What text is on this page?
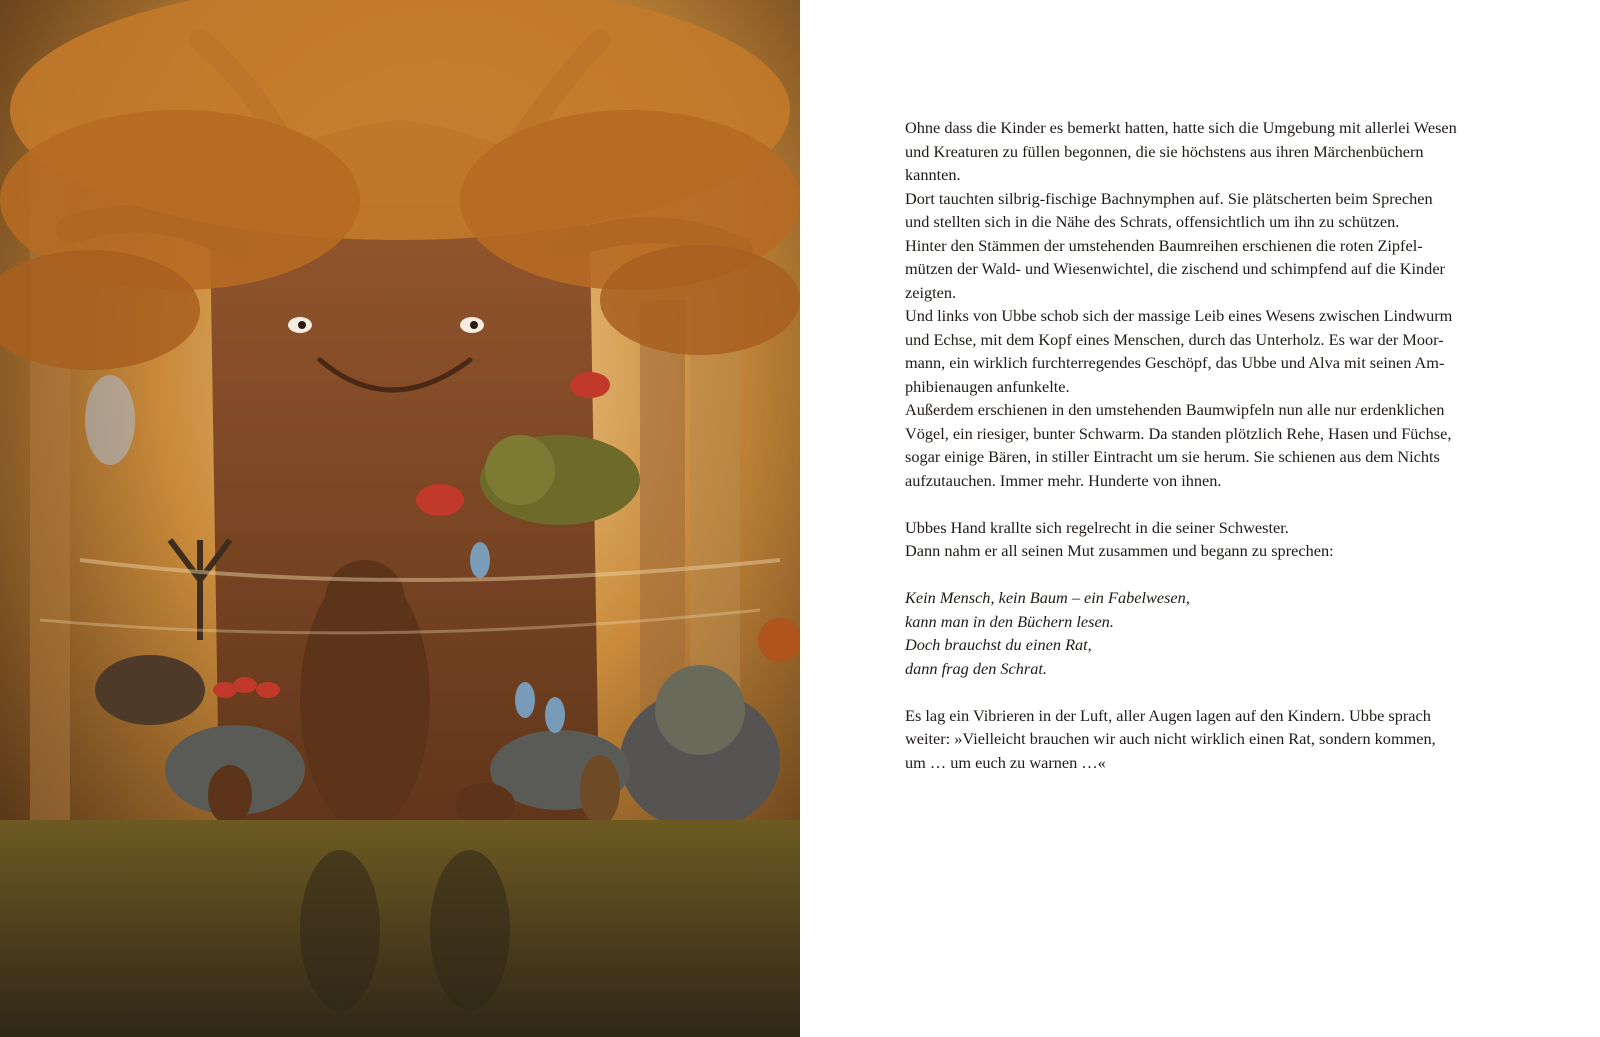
Ohne dass die Kinder es bemerkt hatten, hatte sich die Umgebung mit allerlei Wesen
und Kreaturen zu füllen begonnen, die sie höchstens aus ihren Märchenbüchern
kannten.
Dort tauchten silbrig-fischige Bachnymphen auf. Sie plätscherten beim Sprechen
und stellten sich in die Nähe des Schrats, offensichtlich um ihn zu schützen.
Hinter den Stämmen der umstehenden Baumreihen erschienen die roten Zipfel-
mützen der Wald- und Wiesenwichtel, die zischend und schimpfend auf die Kinder
zeigten.
Und links von Ubbe schob sich der massige Leib eines Wesens zwischen Lindwurm
und Echse, mit dem Kopf eines Menschen, durch das Unterholz. Es war der Moor-
mann, ein wirklich furchterregendes Geschöpf, das Ubbe und Alva mit seinen Am-
phibienaugen anfunkelte.
Außerdem erschienen in den umstehenden Baumwipfeln nun alle nur erdenklichen
Vögel, ein riesiger, bunter Schwarm. Da standen plötzlich Rehe, Hasen und Füchse,
sogar einige Bären, in stiller Eintracht um sie herum. Sie schienen aus dem Nichts
aufzutauchen. Immer mehr. Hunderte von ihnen.
Ubbes Hand krallte sich regelrecht in die seiner Schwester.
Dann nahm er all seinen Mut zusammen und begann zu sprechen:
Kein Mensch, kein Baum – ein Fabelwesen,
kann man in den Büchern lesen.
Doch brauchst du einen Rat,
dann frag den Schrat.
Es lag ein Vibrieren in der Luft, aller Augen lagen auf den Kindern. Ubbe sprach
weiter: »Vielleicht brauchen wir auch nicht wirklich einen Rat, sondern kommen,
um … um euch zu warnen …«
